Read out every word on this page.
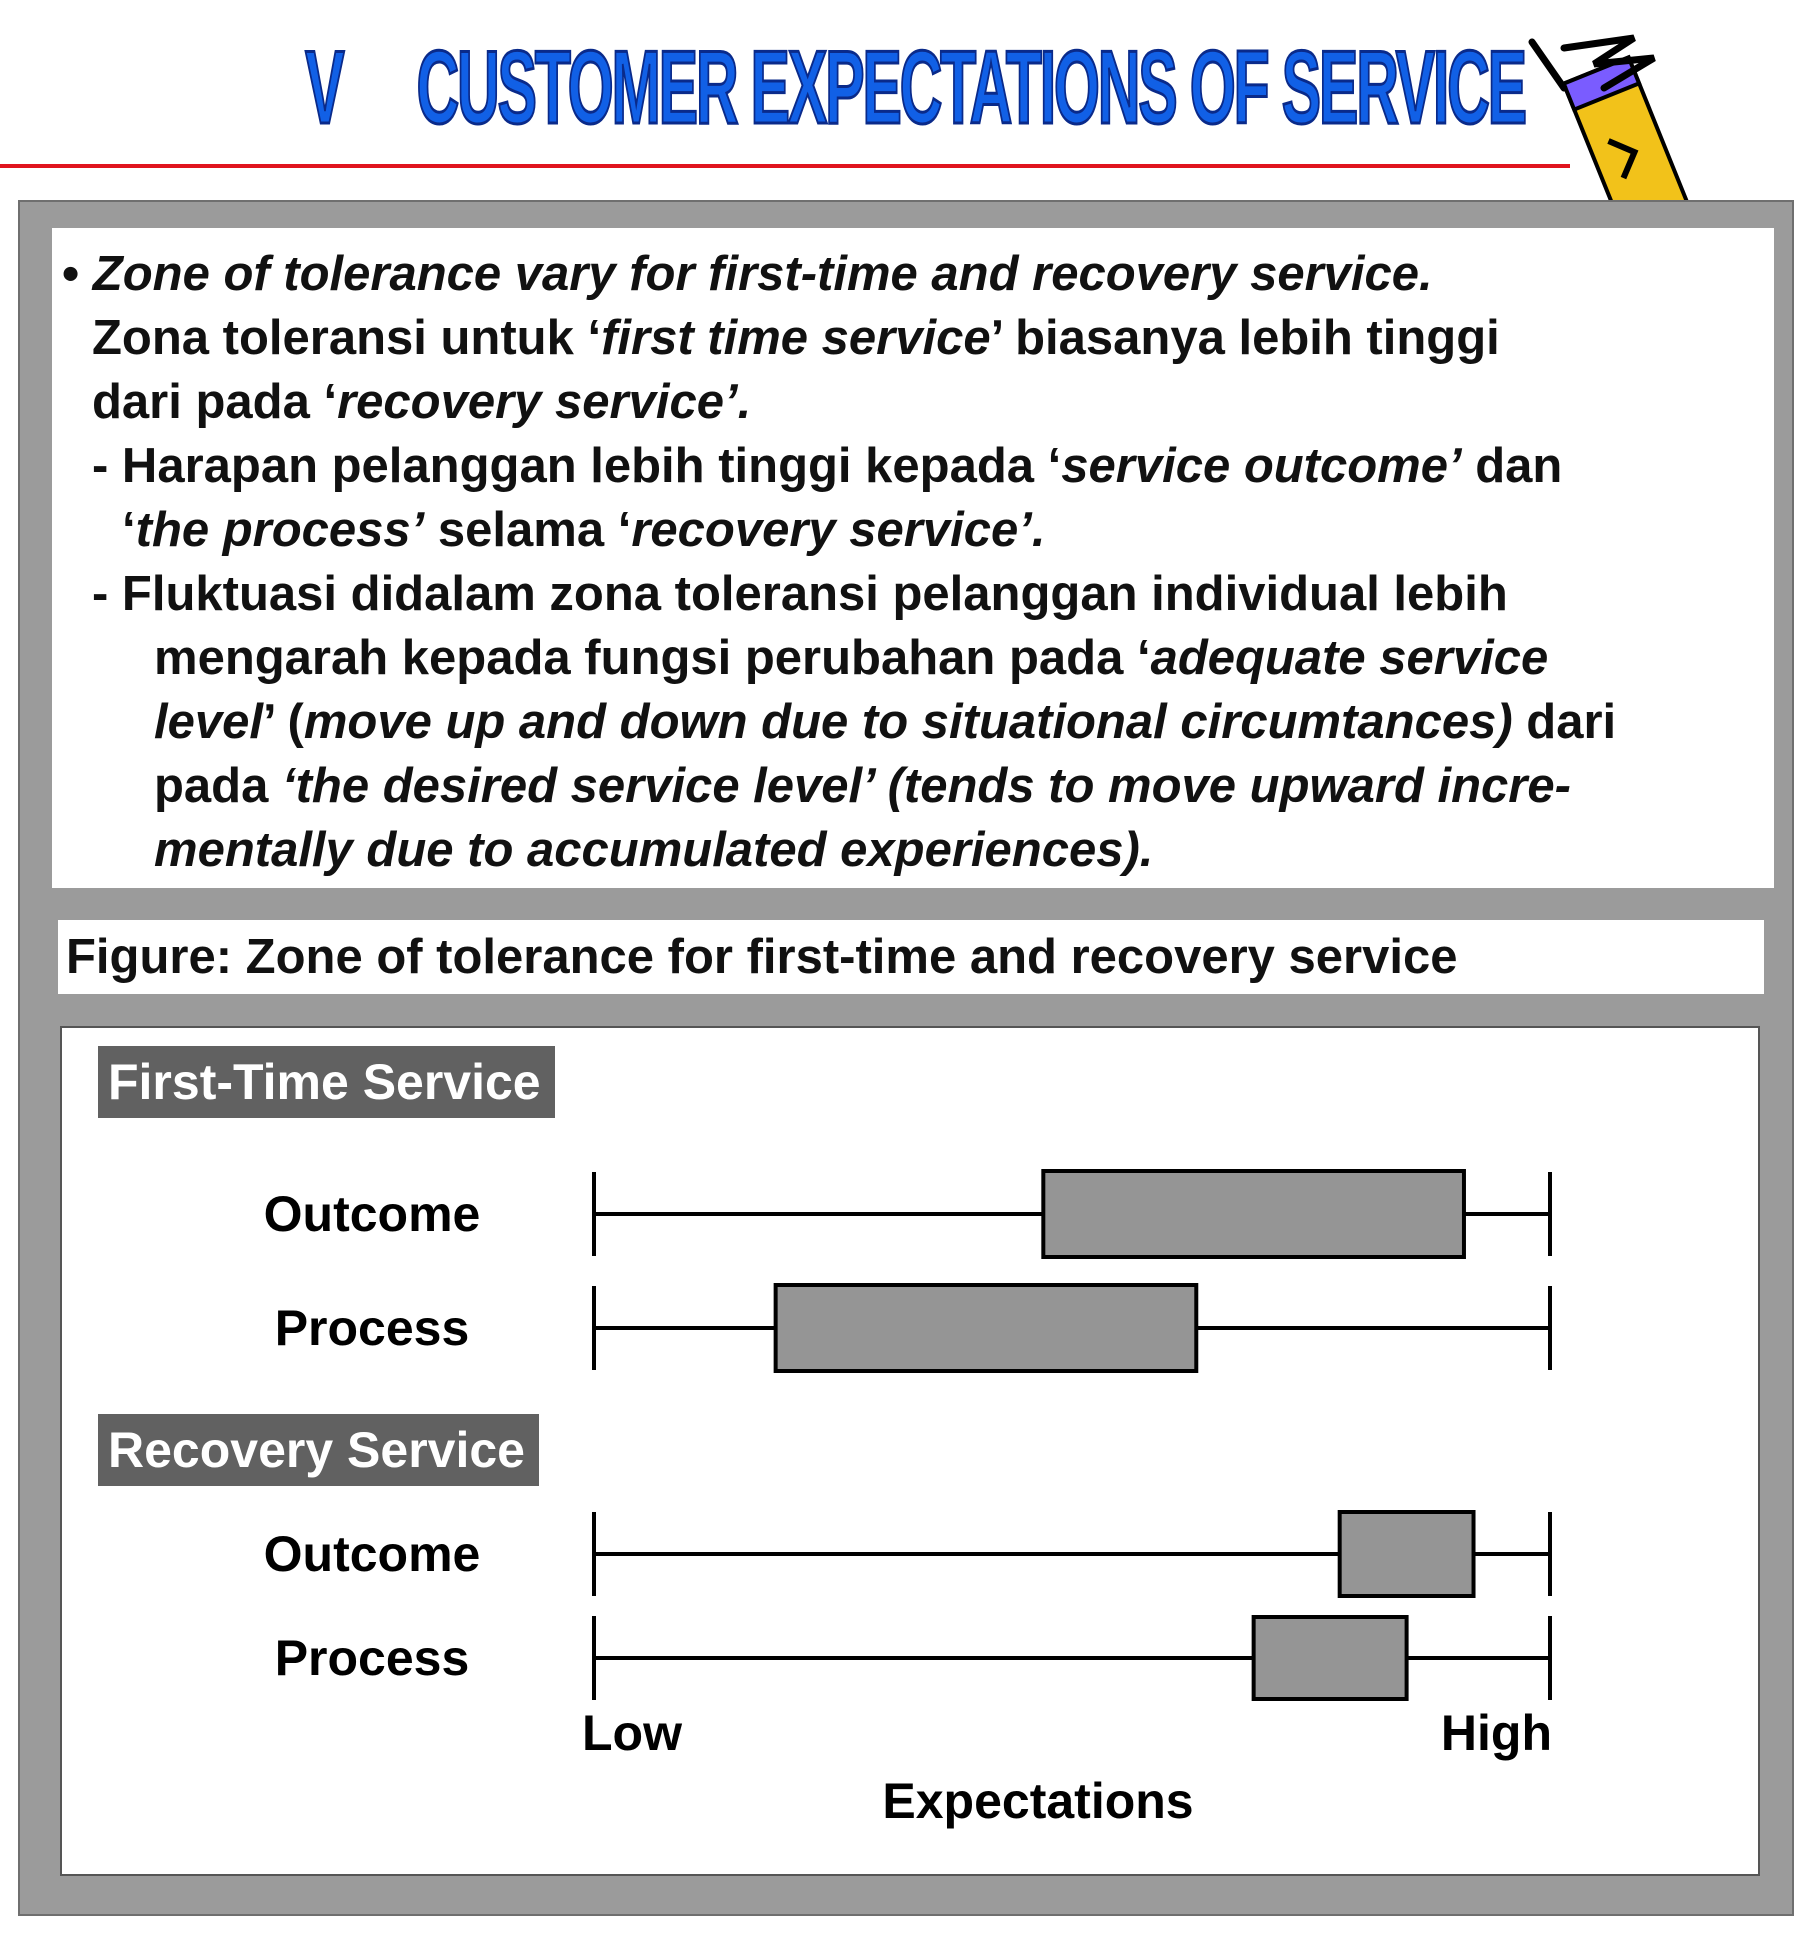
V CUSTOMER EXPECTATIONS OF SERVICE

• Zone of tolerance vary for first-time and recovery service.

Zona toleransi untuk ‘first time service’ biasanya lebih tinggi

dari pada ‘recovery service’.

- Harapan pelanggan lebih tinggi kepada ‘service outcome’ dan

‘the process’ selama ‘recovery service’.

- Fluktuasi didalam zona toleransi pelanggan individual lebih

mengarah kepada fungsi perubahan pada ‘adequate service

level’ (move up and down due to situational circumtances) dari

pada ‘the desired service level’ (tends to move upward incre-

mentally due to accumulated experiences).

Figure: Zone of tolerance for first-time and recovery service
First-Time Service
Recovery Service
Outcome
Process
Outcome
Process
Low	High
Expectations
